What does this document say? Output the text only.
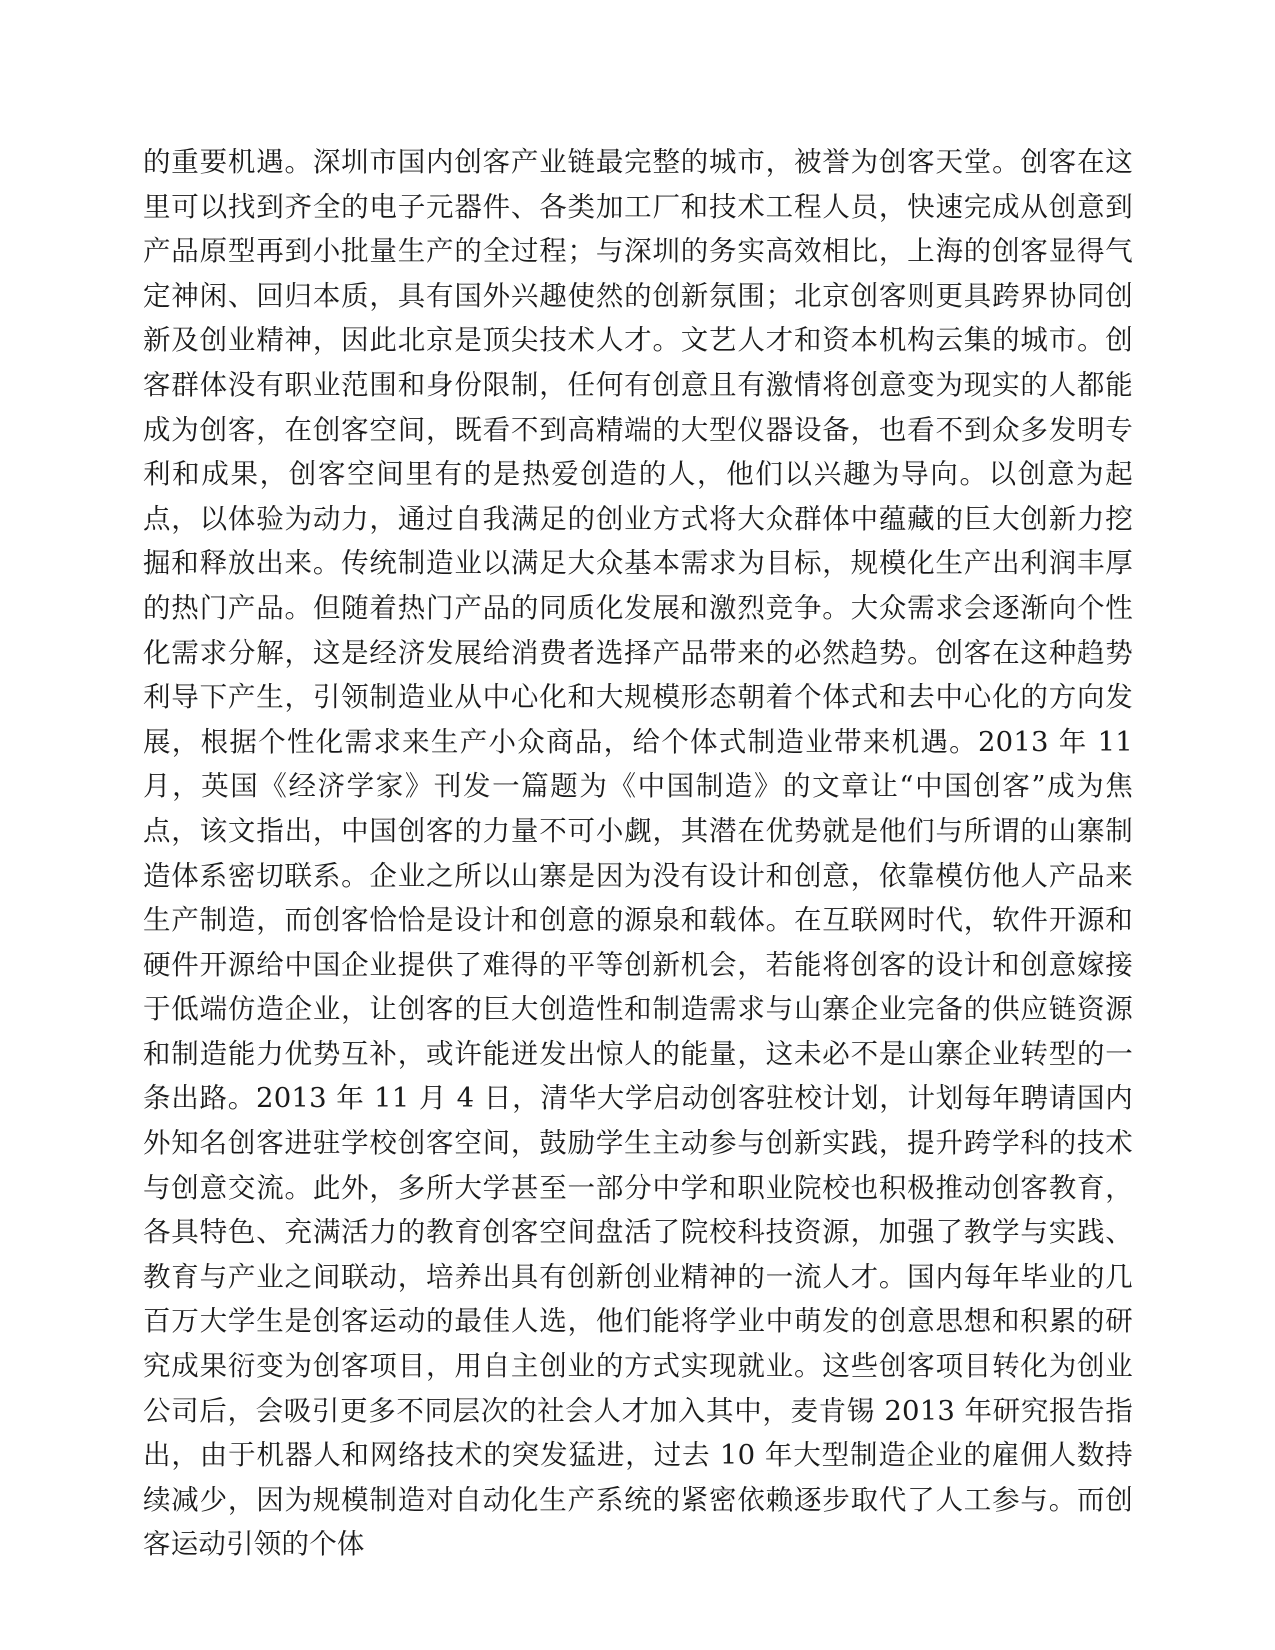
的重要机遇。深圳市国内创客产业链最完整的城市，被誉为创客天堂。创客在这里可以找到齐全的电子元器件、各类加工厂和技术工程人员，快速完成从创意到产品原型再到小批量生产的全过程；与深圳的务实高效相比，上海的创客显得气定神闲、回归本质，具有国外兴趣使然的创新氛围；北京创客则更具跨界协同创新及创业精神，因此北京是顶尖技术人才。文艺人才和资本机构云集的城市。创客群体没有职业范围和身份限制，任何有创意且有激情将创意变为现实的人都能成为创客，在创客空间，既看不到高精端的大型仪器设备，也看不到众多发明专利和成果，创客空间里有的是热爱创造的人，他们以兴趣为导向。以创意为起点，以体验为动力，通过自我满足的创业方式将大众群体中蕴藏的巨大创新力挖掘和释放出来。传统制造业以满足大众基本需求为目标，规模化生产出利润丰厚的热门产品。但随着热门产品的同质化发展和激烈竞争。大众需求会逐渐向个性化需求分解，这是经济发展给消费者选择产品带来的必然趋势。创客在这种趋势利导下产生，引领制造业从中心化和大规模形态朝着个体式和去中心化的方向发展，根据个性化需求来生产小众商品，给个体式制造业带来机遇。2013 年 11 月，英国《经济学家》刊发一篇题为《中国制造》的文章让“中国创客”成为焦点，该文指出，中国创客的力量不可小觑，其潜在优势就是他们与所谓的山寨制造体系密切联系。企业之所以山寨是因为没有设计和创意，依靠模仿他人产品来生产制造，而创客恰恰是设计和创意的源泉和载体。在互联网时代，软件开源和硬件开源给中国企业提供了难得的平等创新机会，若能将创客的设计和创意嫁接于低端仿造企业，让创客的巨大创造性和制造需求与山寨企业完备的供应链资源和制造能力优势互补，或许能迸发出惊人的能量，这未必不是山寨企业转型的一条出路。2013 年 11 月 4 日，清华大学启动创客驻校计划，计划每年聘请国内外知名创客进驻学校创客空间，鼓励学生主动参与创新实践，提升跨学科的技术与创意交流。此外，多所大学甚至一部分中学和职业院校也积极推动创客教育，各具特色、充满活力的教育创客空间盘活了院校科技资源，加强了教学与实践、教育与产业之间联动，培养出具有创新创业精神的一流人才。国内每年毕业的几百万大学生是创客运动的最佳人选，他们能将学业中萌发的创意思想和积累的研究成果衍变为创客项目，用自主创业的方式实现就业。这些创客项目转化为创业公司后，会吸引更多不同层次的社会人才加入其中，麦肯锡 2013 年研究报告指出，由于机器人和网络技术的突发猛进，过去 10 年大型制造企业的雇佣人数持续减少，因为规模制造对自动化生产系统的紧密依赖逐步取代了人工参与。而创客运动引领的个体
